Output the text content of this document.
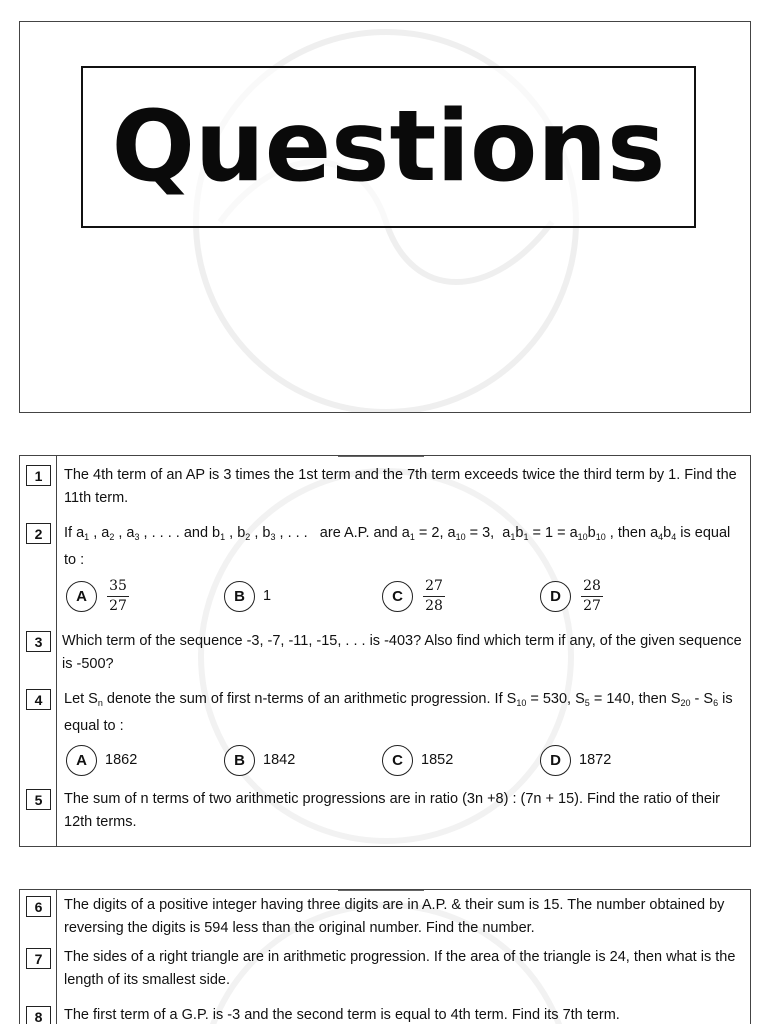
Questions
1	The 4th term of an AP is 3 times the 1st term and the 7th term exceeds twice the third term by 1. Find the 11th term.
2	If $a_1$ , $a_2$ , $a_3$ , . . . . and $b_1$ , $b_2$ , $b_3$ , . . .   are A.P. and $a_1 = 2$, $a_{10} = 3$,  $a_1b_1 = 1 = a_{10}b_{10}$ , then $a_4b_4$ is equal to :
A	$\frac{35}{27}$	B	1	C	$\frac{27}{28}$	D	$\frac{28}{27}$
3	Which term of the sequence -3, -7, -11, -15, . . . is -403? Also find which term if any, of the given sequence is -500?
4	Let $S_n$ denote the sum of first n-terms of an arithmetic progression. If $S_{10} = 530$, $S_5 = 140$, then $S_{20} - S_6$ is equal to :
A	1862	B	1842	C	1852	D	1872
5	The sum of n terms of two arithmetic progressions are in ratio (3n +8) : (7n + 15). Find the ratio of their 12th terms.
6	The digits of a positive integer having three digits are in A.P. & their sum is 15. The number obtained by reversing the digits is 594 less than the original number. Find the number.
7	The sides of a right triangle are in arithmetic progression. If the area of the triangle is 24, then what is the length of its smallest side.
8	The first term of a G.P. is -3 and the second term is equal to 4th term. Find its 7th term.
